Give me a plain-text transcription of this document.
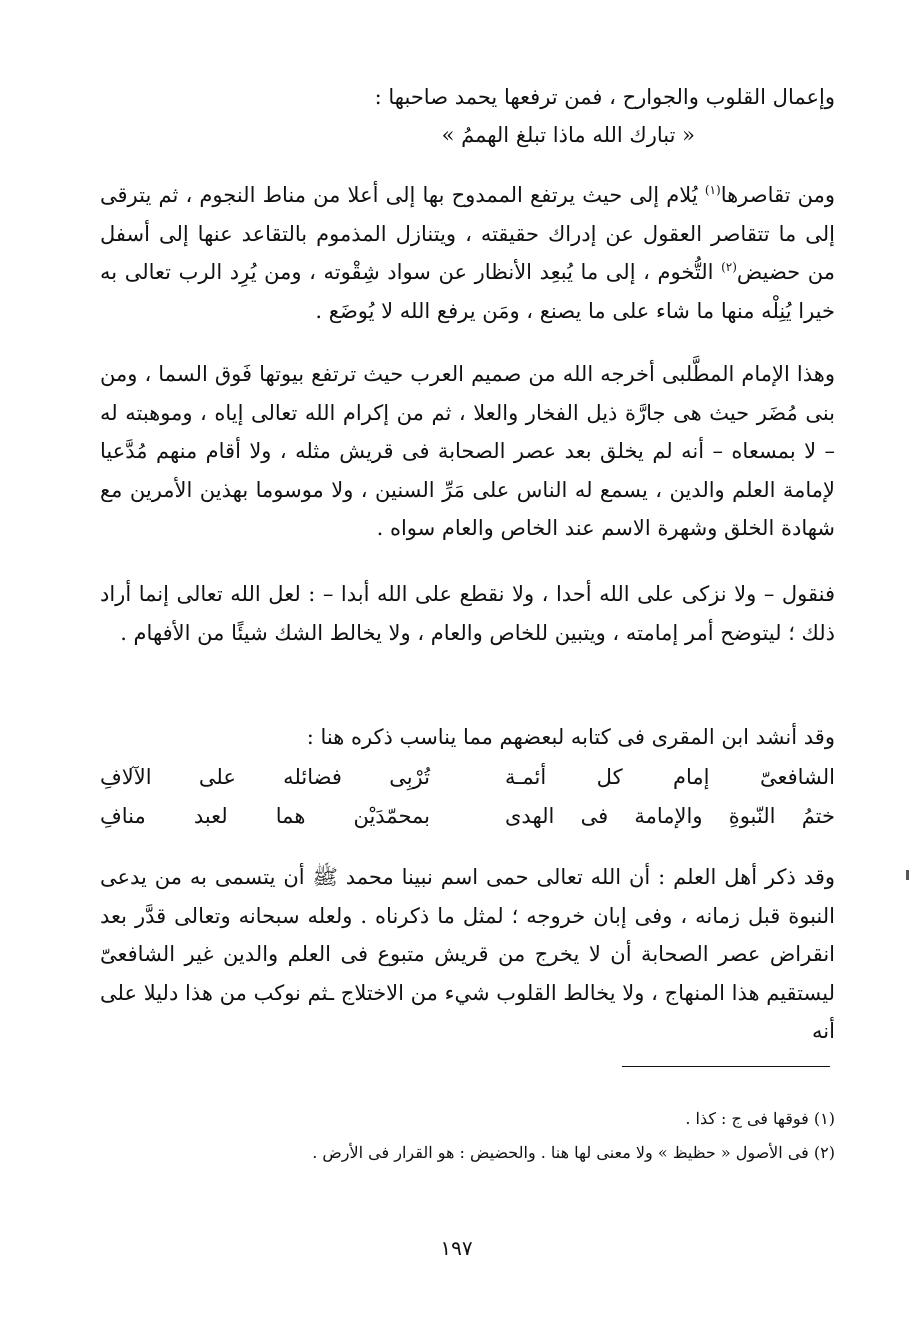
وإعمال القلوب والجوارح ، فمن ترفعها يحمد صاحبها :
« تبارك الله ماذا تبلغ الهممُ »

ومن تقاصرها$^{(١)}$ يُلام إلى حيث يرتفع الممدوح بها إلى أعلا من مناط النجوم ، ثم يترقى إلى ما تتقاصر العقول عن إدراك حقيقته ، ويتنازل المذموم بالتقاعد عنها إلى أسفل من حضيض$^{(٢)}$ التُّخوم ، إلى ما يُبعِد الأنظار عن سواد شِقْوته ، ومن يُرِد الرب تعالى به خيرا يُنِلْه منها ما شاء على ما يصنع ، ومَن يرفع الله لا يُوضَع .

وهذا الإمام المطَّلبى أخرجه الله من صميم العرب حيث ترتفع بيوتها فَوق السما ، ومن بنى مُضَر حيث هى جارَّة ذيل الفخار والعلا ، ثم من إكرام الله تعالى إياه ، وموهبته له – لا بمسعاه – أنه لم يخلق بعد عصر الصحابة فى قريش مثله ، ولا أقام منهم مُدَّعيا لإمامة العلم والدين ، يسمع له الناس على مَرِّ السنين ، ولا موسوما بهذين الأمرين مع شهادة الخلق وشهرة الاسم عند الخاص والعام سواه .

فنقول – ولا نزكى على الله أحدا ، ولا نقطع على الله أبدا – : لعل الله تعالى إنما أراد ذلك ؛ ليتوضح أمر إمامته ، ويتبين للخاص والعام ، ولا يخالط الشك شيئًا من الأفهام .

وقد أنشد ابن المقرى فى كتابه لبعضهم مما يناسب ذكره هنا :
الشافعىّ إمام كل أئمـة
تُرْبِى فضائله على الآلافِ
ختمُ النّبوةِ والإمامة فى الهدى
بمحمّدَيْن هما لعبد منافِ

وقد ذكر أهل العلم : أن الله تعالى حمى اسم نبينا محمد ﷺ أن يتسمى به من يدعى النبوة قبل زمانه ، وفى إبان خروجه ؛ لمثل ما ذكرناه . ولعله سبحانه وتعالى قدَّر بعد انقراض عصر الصحابة أن لا يخرج من قريش متبوع فى العلم والدين غير الشافعىّ ليستقيم هذا المنهاج ، ولا يخالط القلوب شيء من الاختلاج ـثم نوكب من هذا دليلا على أنه

(١) فوقها فى ج : كذا .
(٢) فى الأصول « حظيظ » ولا معنى لها هنا . والحضيض : هو القرار فى الأرض .
١٩٧
